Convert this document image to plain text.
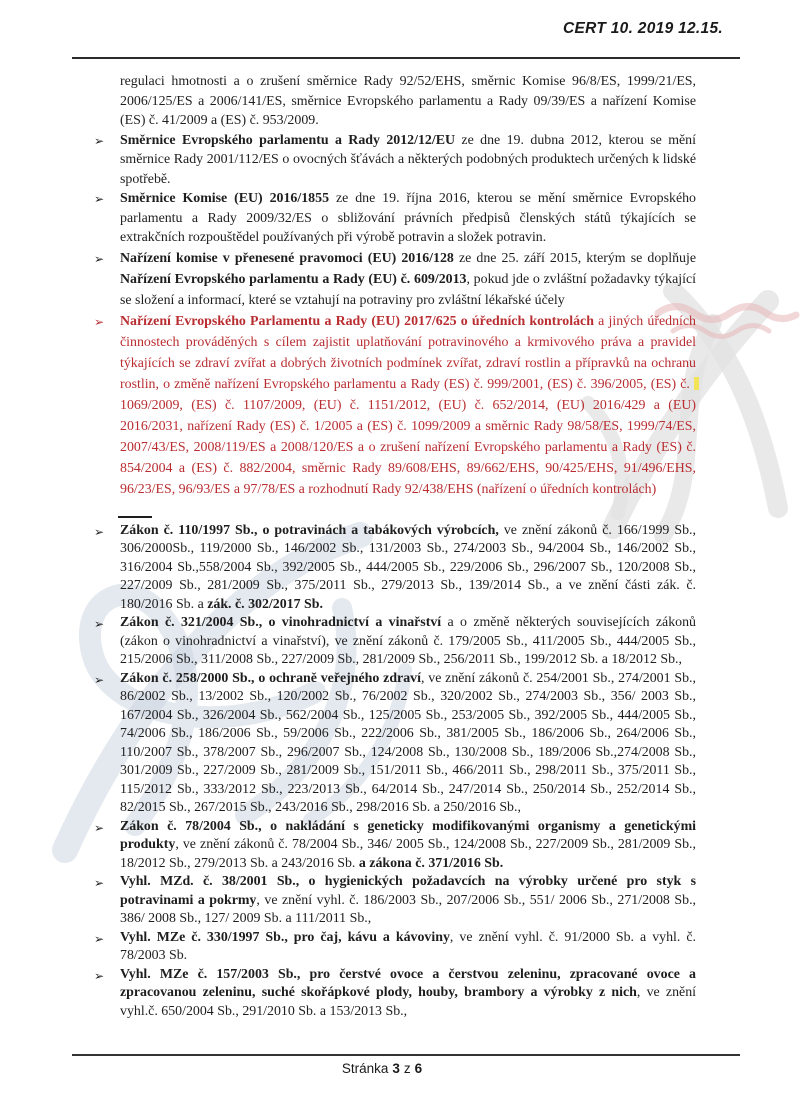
CERT 10. 2019 12.15.
regulaci hmotnosti a o zrušení směrnice Rady 92/52/EHS, směrnic Komise 96/8/ES, 1999/21/ES, 2006/125/ES a 2006/141/ES, směrnice Evropského parlamentu a Rady 09/39/ES a nařízení Komise (ES) č. 41/2009 a (ES) č. 953/2009.
➢ Směrnice Evropského parlamentu a Rady 2012/12/EU ze dne 19. dubna 2012, kterou se mění směrnice Rady 2001/112/ES o ovocných šťávách a některých podobných produktech určených k lidské spotřebě.
➢ Směrnice Komise (EU) 2016/1855 ze dne 19. října 2016, kterou se mění směrnice Evropského parlamentu a Rady 2009/32/ES o sbližování právních předpisů členských států týkajících se extrakčních rozpouštědel používaných při výrobě potravin a složek potravin.
➢ Nařízení komise v přenesené pravomoci (EU) 2016/128 ze dne 25. září 2015, kterým se doplňuje Nařízení Evropského parlamentu a Rady (EU) č. 609/2013, pokud jde o zvláštní požadavky týkající se složení a informací, které se vztahují na potraviny pro zvláštní lékařské účely
➢ Nařízení Evropského Parlamentu a Rady (EU) 2017/625 o úředních kontrolách a jiných úředních činnostech prováděných s cílem zajistit uplatňování potravinového a krmivového práva a pravidel týkajících se zdraví zvířat a dobrých životních podmínek zvířat, zdraví rostlin a přípravků na ochranu rostlin, o změně nařízení Evropského parlamentu a Rady (ES) č. 999/2001, (ES) č. 396/2005, (ES) č. 1069/2009, (ES) č. 1107/2009, (EU) č. 1151/2012, (EU) č. 652/2014, (EU) 2016/429 a (EU) 2016/2031, nařízení Rady (ES) č. 1/2005 a (ES) č. 1099/2009 a směrnic Rady 98/58/ES, 1999/74/ES, 2007/43/ES, 2008/119/ES a 2008/120/ES a o zrušení nařízení Evropského parlamentu a Rady (ES) č. 854/2004 a (ES) č. 882/2004, směrnic Rady 89/608/EHS, 89/662/EHS, 90/425/EHS, 91/496/EHS, 96/23/ES, 96/93/ES a 97/78/ES a rozhodnutí Rady 92/438/EHS (nařízení o úředních kontrolách)
➢ Zákon č. 110/1997 Sb., o potravinách a tabákových výrobcích, ve znění zákonů č. 166/1999 Sb., 306/2000Sb., 119/2000 Sb., 146/2002 Sb., 131/2003 Sb., 274/2003 Sb., 94/2004 Sb., 146/2002 Sb., 316/2004 Sb.,558/2004 Sb., 392/2005 Sb., 444/2005 Sb., 229/2006 Sb., 296/2007 Sb., 120/2008 Sb., 227/2009 Sb., 281/2009 Sb., 375/2011 Sb., 279/2013 Sb., 139/2014 Sb., a ve znění části zák. č. 180/2016 Sb. a zák. č. 302/2017 Sb.
➢ Zákon č. 321/2004 Sb., o vinohradnictví a vinařství a o změně některých souvisejících zákonů (zákon o vinohradnictví a vinařství), ve znění zákonů č. 179/2005 Sb., 411/2005 Sb., 444/2005 Sb., 215/2006 Sb., 311/2008 Sb., 227/2009 Sb., 281/2009 Sb., 256/2011 Sb., 199/2012 Sb. a 18/2012 Sb.,
➢ Zákon č. 258/2000 Sb., o ochraně veřejného zdraví, ve znění zákonů č. 254/2001 Sb., 274/2001 Sb., 86/2002 Sb., 13/2002 Sb., 120/2002 Sb., 76/2002 Sb., 320/2002 Sb., 274/2003 Sb., 356/ 2003 Sb., 167/2004 Sb., 326/2004 Sb., 562/2004 Sb., 125/2005 Sb., 253/2005 Sb., 392/2005 Sb., 444/2005 Sb., 74/2006 Sb., 186/2006 Sb., 59/2006 Sb., 222/2006 Sb., 381/2005 Sb., 186/2006 Sb., 264/2006 Sb., 110/2007 Sb., 378/2007 Sb., 296/2007 Sb., 124/2008 Sb., 130/2008 Sb., 189/2006 Sb.,274/2008 Sb., 301/2009 Sb., 227/2009 Sb., 281/2009 Sb., 151/2011 Sb., 466/2011 Sb., 298/2011 Sb., 375/2011 Sb., 115/2012 Sb., 333/2012 Sb., 223/2013 Sb., 64/2014 Sb., 247/2014 Sb., 250/2014 Sb., 252/2014 Sb., 82/2015 Sb., 267/2015 Sb., 243/2016 Sb., 298/2016 Sb. a 250/2016 Sb.,
➢ Zákon č. 78/2004 Sb., o nakládání s geneticky modifikovanými organismy a genetickými produkty, ve znění zákonů č. 78/2004 Sb., 346/ 2005 Sb., 124/2008 Sb., 227/2009 Sb., 281/2009 Sb., 18/2012 Sb., 279/2013 Sb. a 243/2016 Sb. a zákona č. 371/2016 Sb.
➢ Vyhl. MZd. č. 38/2001 Sb., o hygienických požadavcích na výrobky určené pro styk s potravinami a pokrmy, ve znění vyhl. č. 186/2003 Sb., 207/2006 Sb., 551/ 2006 Sb., 271/2008 Sb., 386/ 2008 Sb., 127/ 2009 Sb. a 111/2011 Sb.,
➢ Vyhl. MZe č. 330/1997 Sb., pro čaj, kávu a kávoviny, ve znění vyhl. č. 91/2000 Sb. a vyhl. č. 78/2003 Sb.
➢ Vyhl. MZe č. 157/2003 Sb., pro čerstvé ovoce a čerstvou zeleninu, zpracované ovoce a zpracovanou zeleninu, suché skořápkové plody, houby, brambory a výrobky z nich, ve znění vyhl.č. 650/2004 Sb., 291/2010 Sb. a 153/2013 Sb.,
Stránka 3 z 6
